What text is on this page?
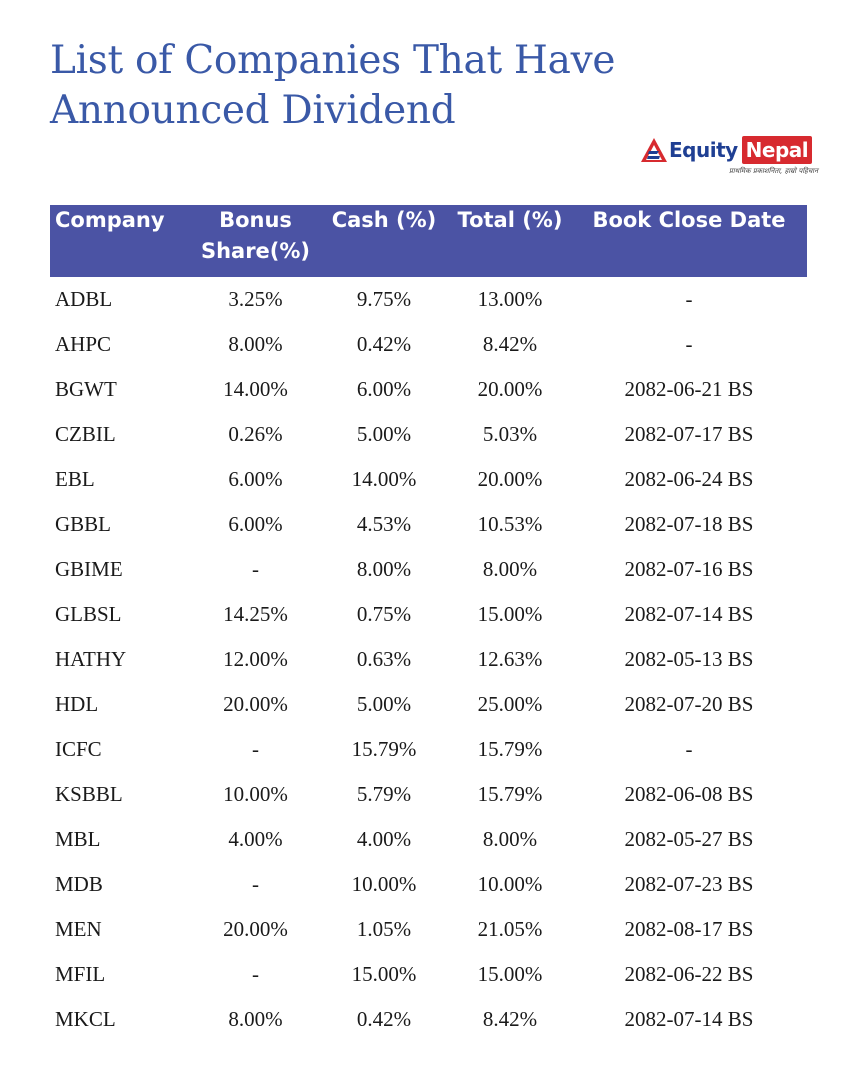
List of Companies That Have Announced Dividend
Equity Nepal
प्राथमिक प्रकाशनिता, हाम्रो पहिचान
Company	Bonus Share(%)	Cash (%)	Total (%)	Book Close Date
ADBL	3.25%	9.75%	13.00%	-
AHPC	8.00%	0.42%	8.42%	-
BGWT	14.00%	6.00%	20.00%	2082-06-21 BS
CZBIL	0.26%	5.00%	5.03%	2082-07-17 BS
EBL	6.00%	14.00%	20.00%	2082-06-24 BS
GBBL	6.00%	4.53%	10.53%	2082-07-18 BS
GBIME	-	8.00%	8.00%	2082-07-16 BS
GLBSL	14.25%	0.75%	15.00%	2082-07-14 BS
HATHY	12.00%	0.63%	12.63%	2082-05-13 BS
HDL	20.00%	5.00%	25.00%	2082-07-20 BS
ICFC	-	15.79%	15.79%	-
KSBBL	10.00%	5.79%	15.79%	2082-06-08 BS
MBL	4.00%	4.00%	8.00%	2082-05-27 BS
MDB	-	10.00%	10.00%	2082-07-23 BS
MEN	20.00%	1.05%	21.05%	2082-08-17 BS
MFIL	-	15.00%	15.00%	2082-06-22 BS
MKCL	8.00%	0.42%	8.42%	2082-07-14 BS
